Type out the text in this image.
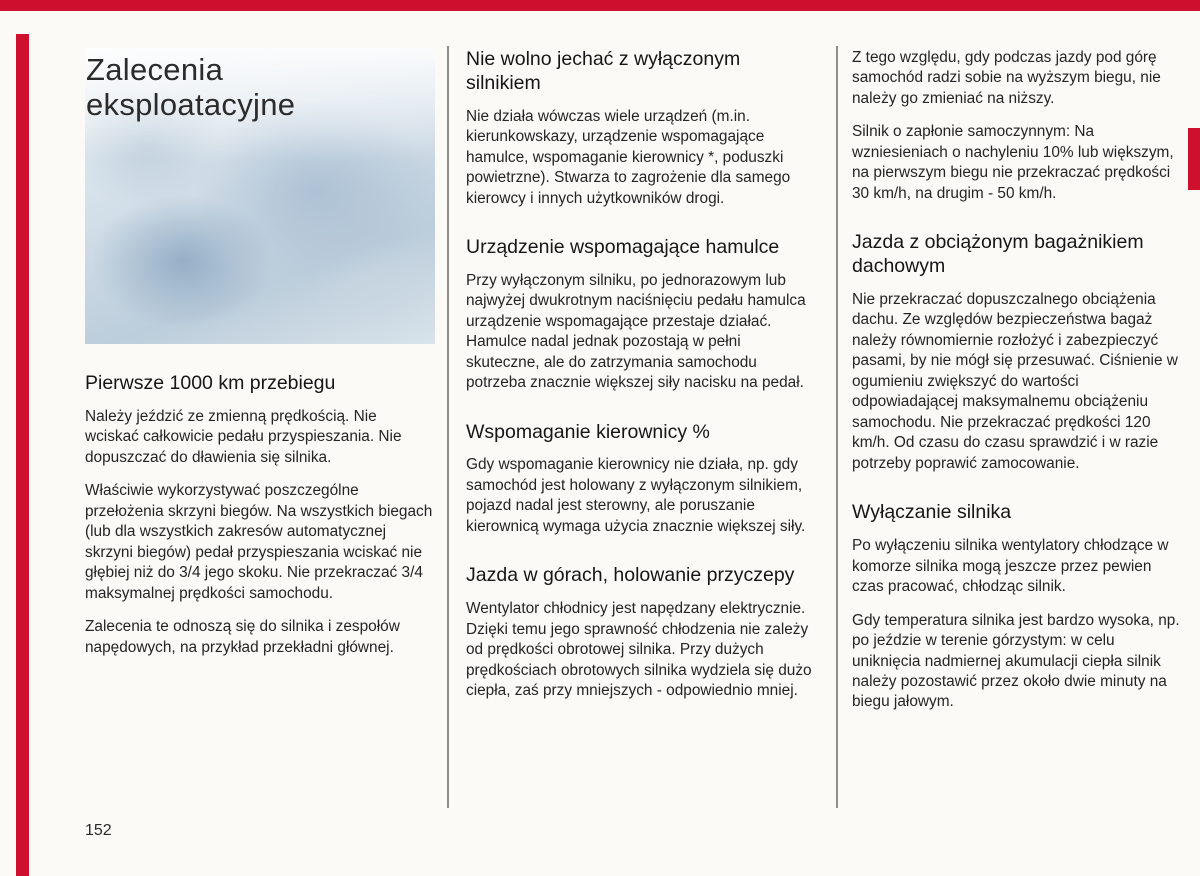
Zalecenia eksploatacyjne
Pierwsze 1000 km przebiegu

Należy jeździć ze zmienną prędkością. Nie wciskać całkowicie pedału przyspieszania. Nie dopuszczać do dławienia się silnika.

Właściwie wykorzystywać poszczególne przełożenia skrzyni biegów. Na wszystkich biegach (lub dla wszystkich zakresów automatycznej skrzyni biegów) pedał przyspieszania wciskać nie głębiej niż do 3/4 jego skoku. Nie przekraczać 3/4 maksymalnej prędkości samochodu.

Zalecenia te odnoszą się do silnika i zespołów napędowych, na przykład przekładni głównej.

Nie wolno jechać z wyłączonym silnikiem

Nie działa wówczas wiele urządzeń (m.in. kierunkowskazy, urządzenie wspomagające hamulce, wspomaganie kierownicy *, poduszki powietrzne). Stwarza to zagrożenie dla samego kierowcy i innych użytkowników drogi.

Urządzenie wspomagające hamulce

Przy wyłączonym silniku, po jednorazowym lub najwyżej dwukrotnym naciśnięciu pedału hamulca urządzenie wspomagające przestaje działać. Hamulce nadal jednak pozostają w pełni skuteczne, ale do zatrzymania samochodu potrzeba znacznie większej siły nacisku na pedał.

Wspomaganie kierownicy %

Gdy wspomaganie kierownicy nie działa, np. gdy samochód jest holowany z wyłączonym silnikiem, pojazd nadal jest sterowny, ale poruszanie kierownicą wymaga użycia znacznie większej siły.

Jazda w górach, holowanie przyczepy

Wentylator chłodnicy jest napędzany elektrycznie. Dzięki temu jego sprawność chłodzenia nie zależy od prędkości obrotowej silnika. Przy dużych prędkościach obrotowych silnika wydziela się dużo ciepła, zaś przy mniejszych - odpowiednio mniej.

Z tego względu, gdy podczas jazdy pod górę samochód radzi sobie na wyższym biegu, nie należy go zmieniać na niższy.

Silnik o zapłonie samoczynnym: Na wzniesieniach o nachyleniu 10% lub większym, na pierwszym biegu nie przekraczać prędkości 30 km/h, na drugim - 50 km/h.

Jazda z obciążonym bagażnikiem dachowym

Nie przekraczać dopuszczalnego obciążenia dachu. Ze względów bezpieczeństwa bagaż należy równomiernie rozłożyć i zabezpieczyć pasami, by nie mógł się przesuwać. Ciśnienie w ogumieniu zwiększyć do wartości odpowiadającej maksymalnemu obciążeniu samochodu. Nie przekraczać prędkości 120 km/h. Od czasu do czasu sprawdzić i w razie potrzeby poprawić zamocowanie.

Wyłączanie silnika

Po wyłączeniu silnika wentylatory chłodzące w komorze silnika mogą jeszcze przez pewien czas pracować, chłodząc silnik.

Gdy temperatura silnika jest bardzo wysoka, np. po jeździe w terenie górzystym: w celu uniknięcia nadmiernej akumulacji ciepła silnik należy pozostawić przez około dwie minuty na biegu jałowym.

152
